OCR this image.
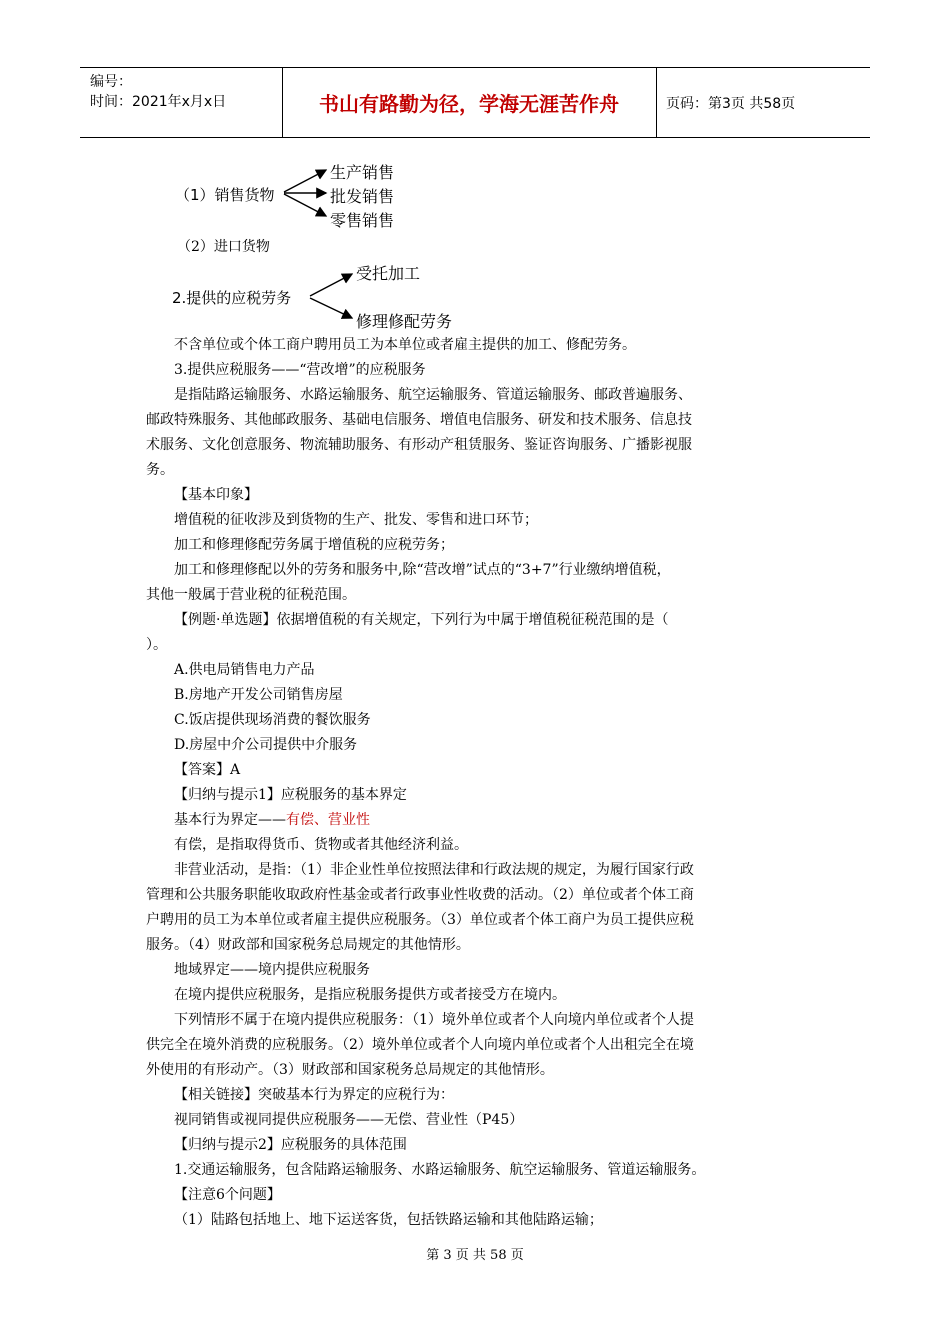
编号：
时间：2021年x月x日	书山有路勤为径，学海无涯苦作舟	页码：第3页 共58页
（1）销售货物
生产销售
批发销售
零售销售
（2）进口货物
2.提供的应税劳务
受托加工
修理修配劳务
不含单位或个体工商户聘用员工为本单位或者雇主提供的加工、修配劳务。
3.提供应税服务——“营改增”的应税服务
是指陆路运输服务、水路运输服务、航空运输服务、管道运输服务、邮政普遍服务、
邮政特殊服务、其他邮政服务、基础电信服务、增值电信服务、研发和技术服务、信息技
术服务、文化创意服务、物流辅助服务、有形动产租赁服务、鉴证咨询服务、广播影视服
务。
【基本印象】
增值税的征收涉及到货物的生产、批发、零售和进口环节；
加工和修理修配劳务属于增值税的应税劳务；
加工和修理修配以外的劳务和服务中,除“营改增”试点的“3+7”行业缴纳增值税，
其他一般属于营业税的征税范围。
【例题·单选题】依据增值税的有关规定，下列行为中属于增值税征税范围的是（
）。
A.供电局销售电力产品
B.房地产开发公司销售房屋
C.饭店提供现场消费的餐饮服务
D.房屋中介公司提供中介服务
【答案】A
【归纳与提示1】应税服务的基本界定
基本行为界定——有偿、营业性
有偿，是指取得货币、货物或者其他经济利益。
非营业活动，是指：（1）非企业性单位按照法律和行政法规的规定，为履行国家行政
管理和公共服务职能收取政府性基金或者行政事业性收费的活动。（2）单位或者个体工商
户聘用的员工为本单位或者雇主提供应税服务。（3）单位或者个体工商户为员工提供应税
服务。（4）财政部和国家税务总局规定的其他情形。
地域界定——境内提供应税服务
在境内提供应税服务，是指应税服务提供方或者接受方在境内。
下列情形不属于在境内提供应税服务：（1）境外单位或者个人向境内单位或者个人提
供完全在境外消费的应税服务。（2）境外单位或者个人向境内单位或者个人出租完全在境
外使用的有形动产。（3）财政部和国家税务总局规定的其他情形。
【相关链接】突破基本行为界定的应税行为：
视同销售或视同提供应税服务——无偿、营业性（P45）
【归纳与提示2】应税服务的具体范围
1.交通运输服务，包含陆路运输服务、水路运输服务、航空运输服务、管道运输服务。
【注意6个问题】
（1）陆路包括地上、地下运送客货，包括铁路运输和其他陆路运输；
第 3 页 共 58 页
